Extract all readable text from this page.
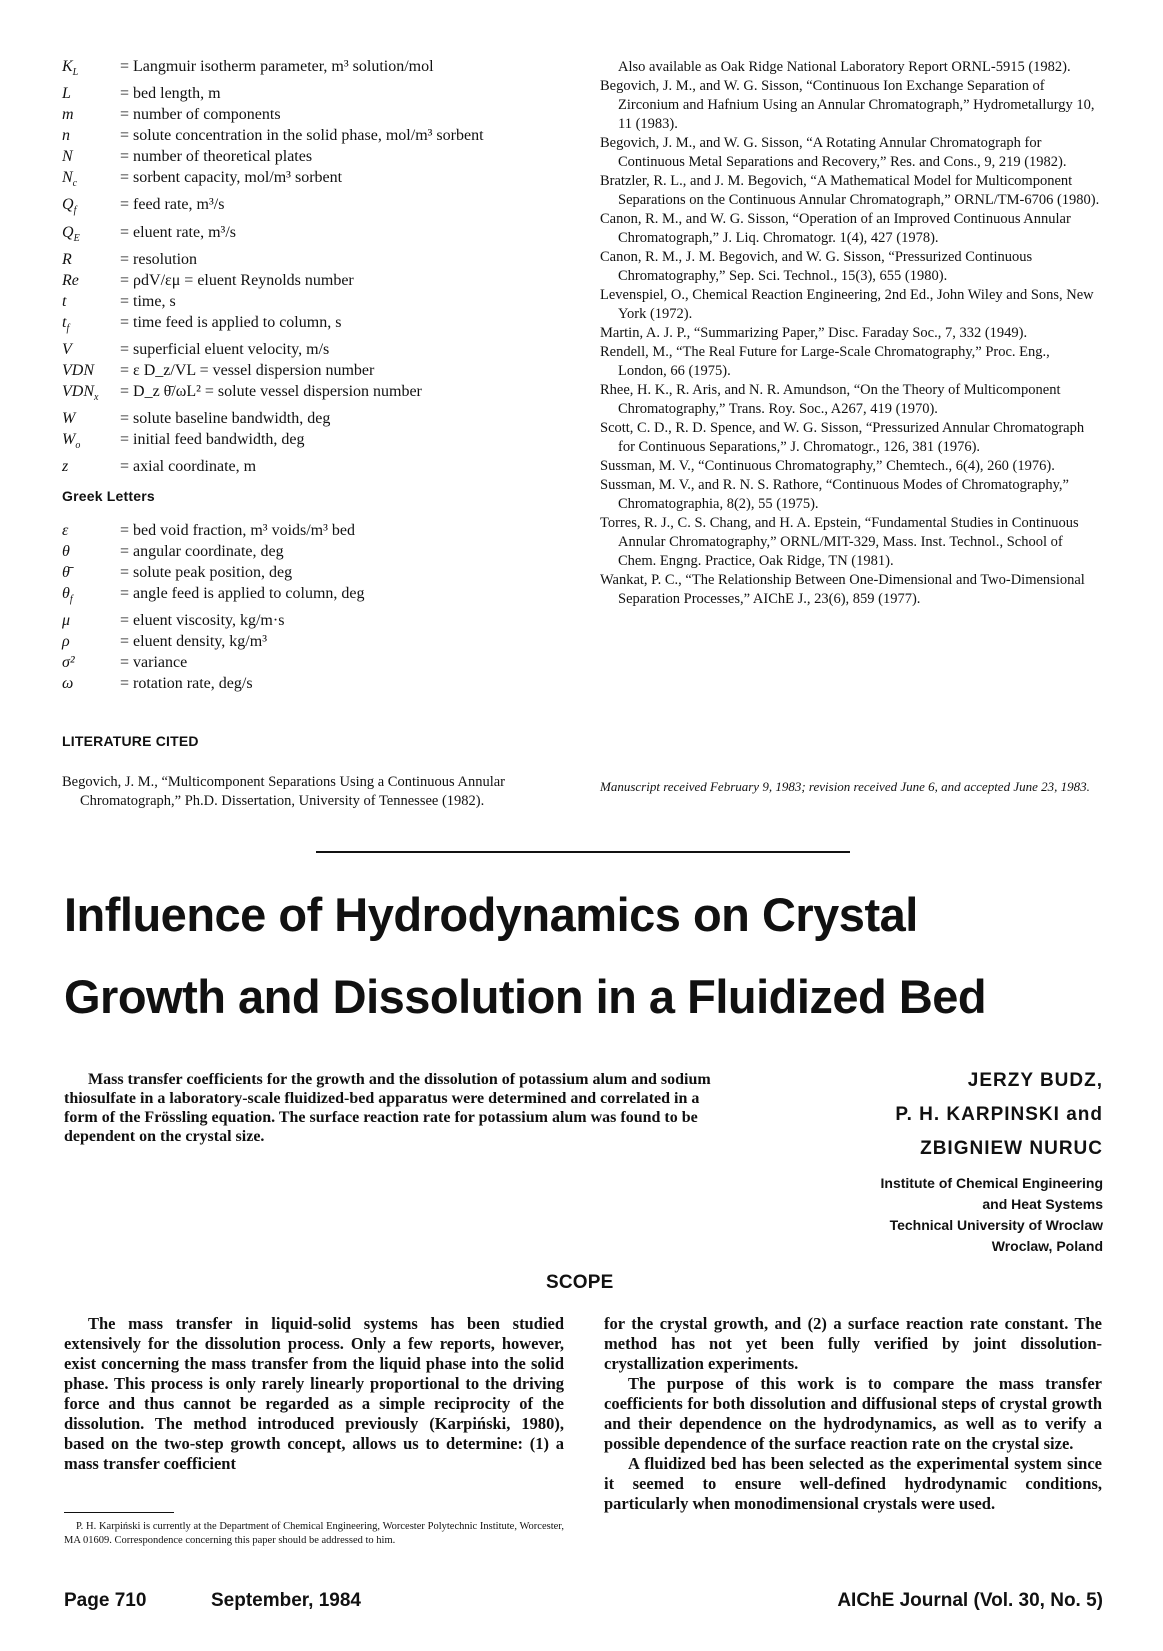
$K_L$	= Langmuir isotherm parameter, m³ solution/mol
L	= bed length, m
m	= number of components
n	= solute concentration in the solid phase, mol/m³ sorbent
N	= number of theoretical plates
$N_c$	= sorbent capacity, mol/m³ sorbent
$Q_f$	= feed rate, m³/s
$Q_E$	= eluent rate, m³/s
R	= resolution
Re	= ρdV/εμ = eluent Reynolds number
t	= time, s
$t_f$	= time feed is applied to column, s
V	= superficial eluent velocity, m/s
VDN	= ε D_z/VL = vessel dispersion number
$VDN_x$	= D_z θ̄/ωL² = solute vessel dispersion number
W	= solute baseline bandwidth, deg
$W_o$	= initial feed bandwidth, deg
z	= axial coordinate, m
Greek Letters
ε	= bed void fraction, m³ voids/m³ bed
θ	= angular coordinate, deg
θ̄	= solute peak position, deg
$\theta_f$	= angle feed is applied to column, deg
μ	= eluent viscosity, kg/m·s
ρ	= eluent density, kg/m³
σ²	= variance
ω	= rotation rate, deg/s
LITERATURE CITED

Begovich, J. M., “Multicomponent Separations Using a Continuous Annular Chromatograph,” Ph.D. Dissertation, University of Tennessee (1982).

Also available as Oak Ridge National Laboratory Report ORNL-5915 (1982).

Begovich, J. M., and W. G. Sisson, “Continuous Ion Exchange Separation of Zirconium and Hafnium Using an Annular Chromatograph,” Hydrometallurgy 10, 11 (1983).

Begovich, J. M., and W. G. Sisson, “A Rotating Annular Chromatograph for Continuous Metal Separations and Recovery,” Res. and Cons., 9, 219 (1982).

Bratzler, R. L., and J. M. Begovich, “A Mathematical Model for Multicomponent Separations on the Continuous Annular Chromatograph,” ORNL/TM-6706 (1980).

Canon, R. M., and W. G. Sisson, “Operation of an Improved Continuous Annular Chromatograph,” J. Liq. Chromatogr. 1(4), 427 (1978).

Canon, R. M., J. M. Begovich, and W. G. Sisson, “Pressurized Continuous Chromatography,” Sep. Sci. Technol., 15(3), 655 (1980).

Levenspiel, O., Chemical Reaction Engineering, 2nd Ed., John Wiley and Sons, New York (1972).

Martin, A. J. P., “Summarizing Paper,” Disc. Faraday Soc., 7, 332 (1949).

Rendell, M., “The Real Future for Large-Scale Chromatography,” Proc. Eng., London, 66 (1975).

Rhee, H. K., R. Aris, and N. R. Amundson, “On the Theory of Multicomponent Chromatography,” Trans. Roy. Soc., A267, 419 (1970).

Scott, C. D., R. D. Spence, and W. G. Sisson, “Pressurized Annular Chromatograph for Continuous Separations,” J. Chromatogr., 126, 381 (1976).

Sussman, M. V., “Continuous Chromatography,” Chemtech., 6(4), 260 (1976).

Sussman, M. V., and R. N. S. Rathore, “Continuous Modes of Chromatography,” Chromatographia, 8(2), 55 (1975).

Torres, R. J., C. S. Chang, and H. A. Epstein, “Fundamental Studies in Continuous Annular Chromatography,” ORNL/MIT-329, Mass. Inst. Technol., School of Chem. Engng. Practice, Oak Ridge, TN (1981).

Wankat, P. C., “The Relationship Between One-Dimensional and Two-Dimensional Separation Processes,” AIChE J., 23(6), 859 (1977).

Manuscript received February 9, 1983; revision received June 6, and accepted June 23, 1983.
Influence of Hydrodynamics on Crystal
Growth and Dissolution in a Fluidized Bed
Mass transfer coefficients for the growth and the dissolution of potassium alum and sodium thiosulfate in a laboratory-scale fluidized-bed apparatus were determined and correlated in a form of the Frössling equation. The surface reaction rate for potassium alum was found to be dependent on the crystal size.
JERZY BUDZ,
P. H. KARPINSKI and
ZBIGNIEW NURUC
Institute of Chemical Engineering
and Heat Systems
Technical University of Wroclaw
Wroclaw, Poland
SCOPE

The mass transfer in liquid-solid systems has been studied extensively for the dissolution process. Only a few reports, however, exist concerning the mass transfer from the liquid phase into the solid phase. This process is only rarely linearly proportional to the driving force and thus cannot be regarded as a simple reciprocity of the dissolution. The method introduced previously (Karpiński, 1980), based on the two-step growth concept, allows us to determine: (1) a mass transfer coefficient

for the crystal growth, and (2) a surface reaction rate constant. The method has not yet been fully verified by joint dissolution-crystallization experiments.

The purpose of this work is to compare the mass transfer coefficients for both dissolution and diffusional steps of crystal growth and their dependence on the hydrodynamics, as well as to verify a possible dependence of the surface reaction rate on the crystal size.

A fluidized bed has been selected as the experimental system since it seemed to ensure well-defined hydrodynamic conditions, particularly when monodimensional crystals were used.

P. H. Karpiński is currently at the Department of Chemical Engineering, Worcester Polytechnic Institute, Worcester, MA 01609. Correspondence concerning this paper should be addressed to him.
Page 710	September, 1984	AIChE Journal (Vol. 30, No. 5)
